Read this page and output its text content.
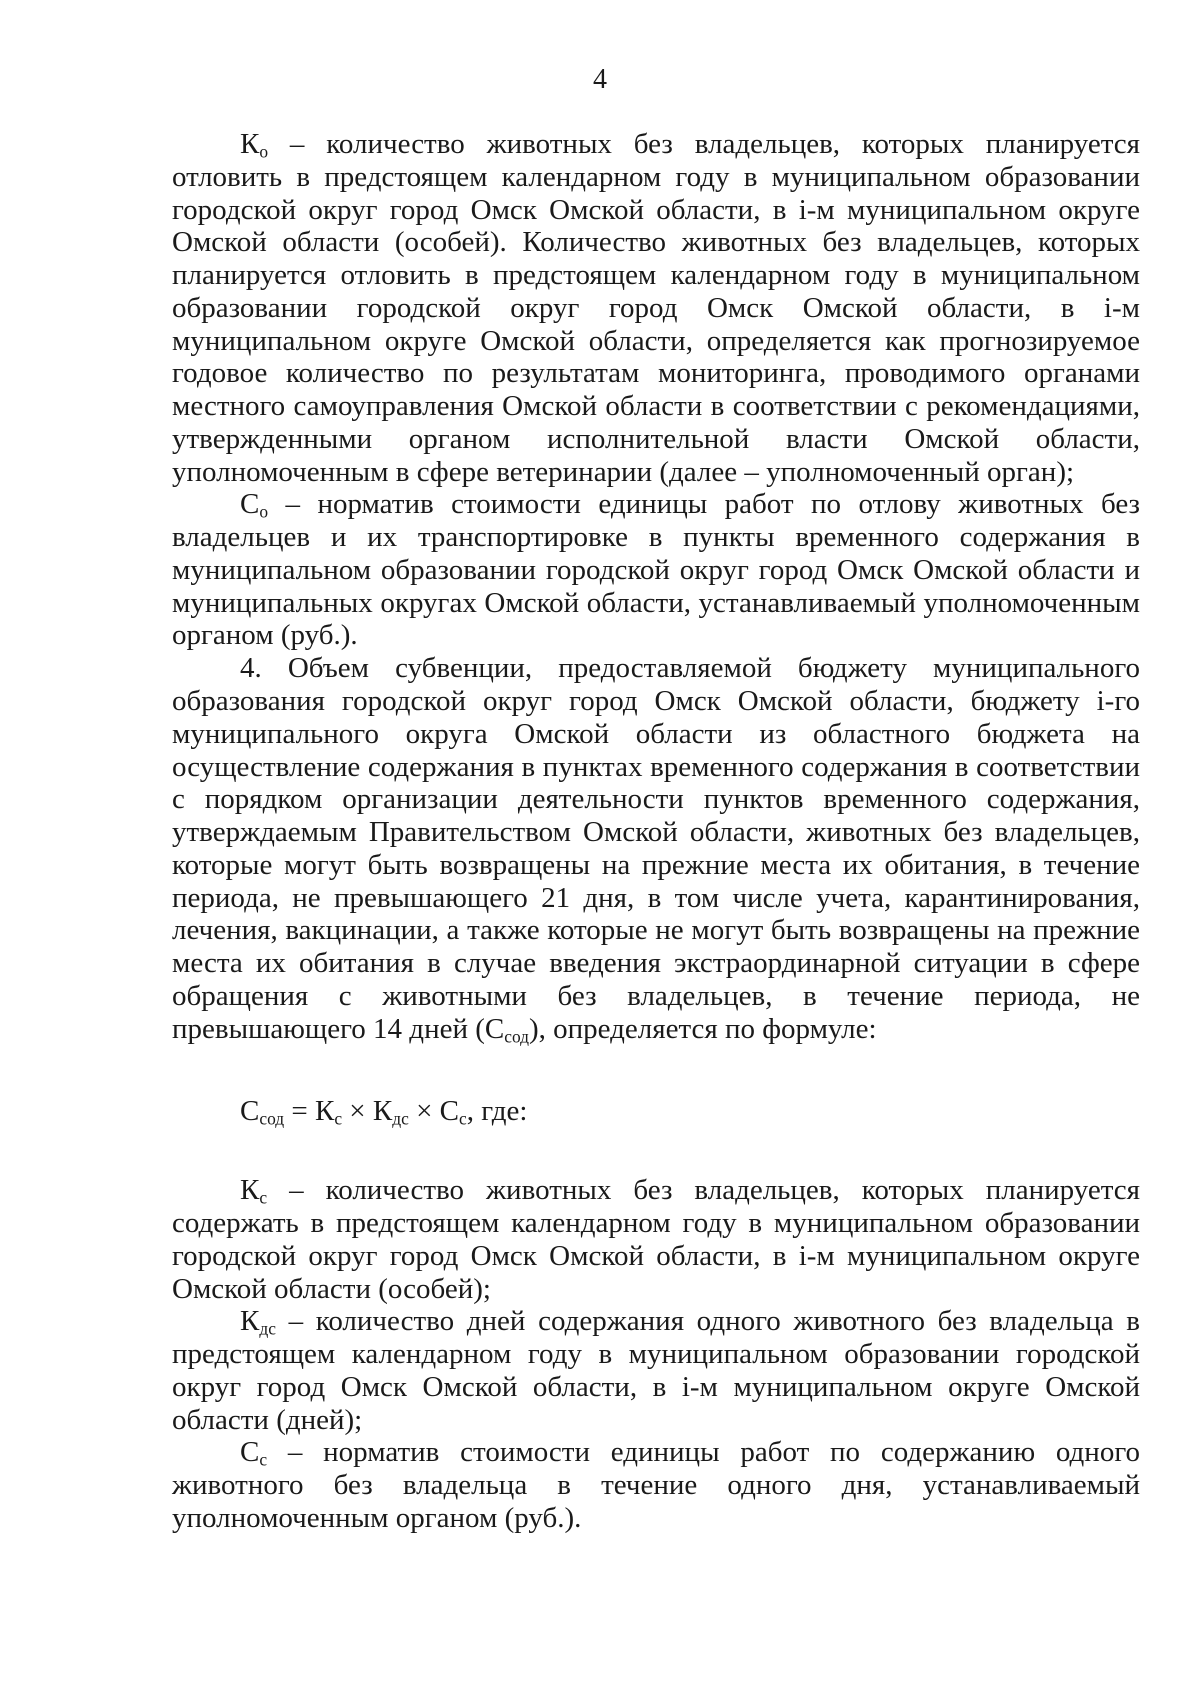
4

$К_о$ – количество животных без владельцев, которых планируется отловить в предстоящем календарном году в муниципальном образовании городской округ город Омск Омской области, в i-м муниципальном округе Омской области (особей). Количество животных без владельцев, которых планируется отловить в предстоящем календарном году в муниципальном образовании городской округ город Омск Омской области, в i-м муниципальном округе Омской области, определяется как прогнозируемое годовое количество по результатам мониторинга, проводимого органами местного самоуправления Омской области в соответствии с рекомендациями, утвержденными органом исполнительной власти Омской области, уполномоченным в сфере ветеринарии (далее – уполномоченный орган);

$С_о$ – норматив стоимости единицы работ по отлову животных без владельцев и их транспортировке в пункты временного содержания в муниципальном образовании городской округ город Омск Омской области и муниципальных округах Омской области, устанавливаемый уполномоченным органом (руб.).

4. Объем субвенции, предоставляемой бюджету муниципального образования городской округ город Омск Омской области, бюджету i-го муниципального округа Омской области из областного бюджета на осуществление содержания в пунктах временного содержания в соответствии с порядком организации деятельности пунктов временного содержания, утверждаемым Правительством Омской области, животных без владельцев, которые могут быть возвращены на прежние места их обитания, в течение периода, не превышающего 21 дня, в том числе учета, карантинирования, лечения, вакцинации, а также которые не могут быть возвращены на прежние места их обитания в случае введения экстраординарной ситуации в сфере обращения с животными без владельцев, в течение периода, не превышающего 14 дней $(С_{сод})$, определяется по формуле:

$С_{сод} = К_с \times К_{дс} \times С_с$, где:

$К_с$ – количество животных без владельцев, которых планируется содержать в предстоящем календарном году в муниципальном образовании городской округ город Омск Омской области, в i-м муниципальном округе Омской области (особей);

$К_{дс}$ – количество дней содержания одного животного без владельца в предстоящем календарном году в муниципальном образовании городской округ город Омск Омской области, в i-м муниципальном округе Омской области (дней);

$С_с$ – норматив стоимости единицы работ по содержанию одного животного без владельца в течение одного дня, устанавливаемый уполномоченным органом (руб.).
